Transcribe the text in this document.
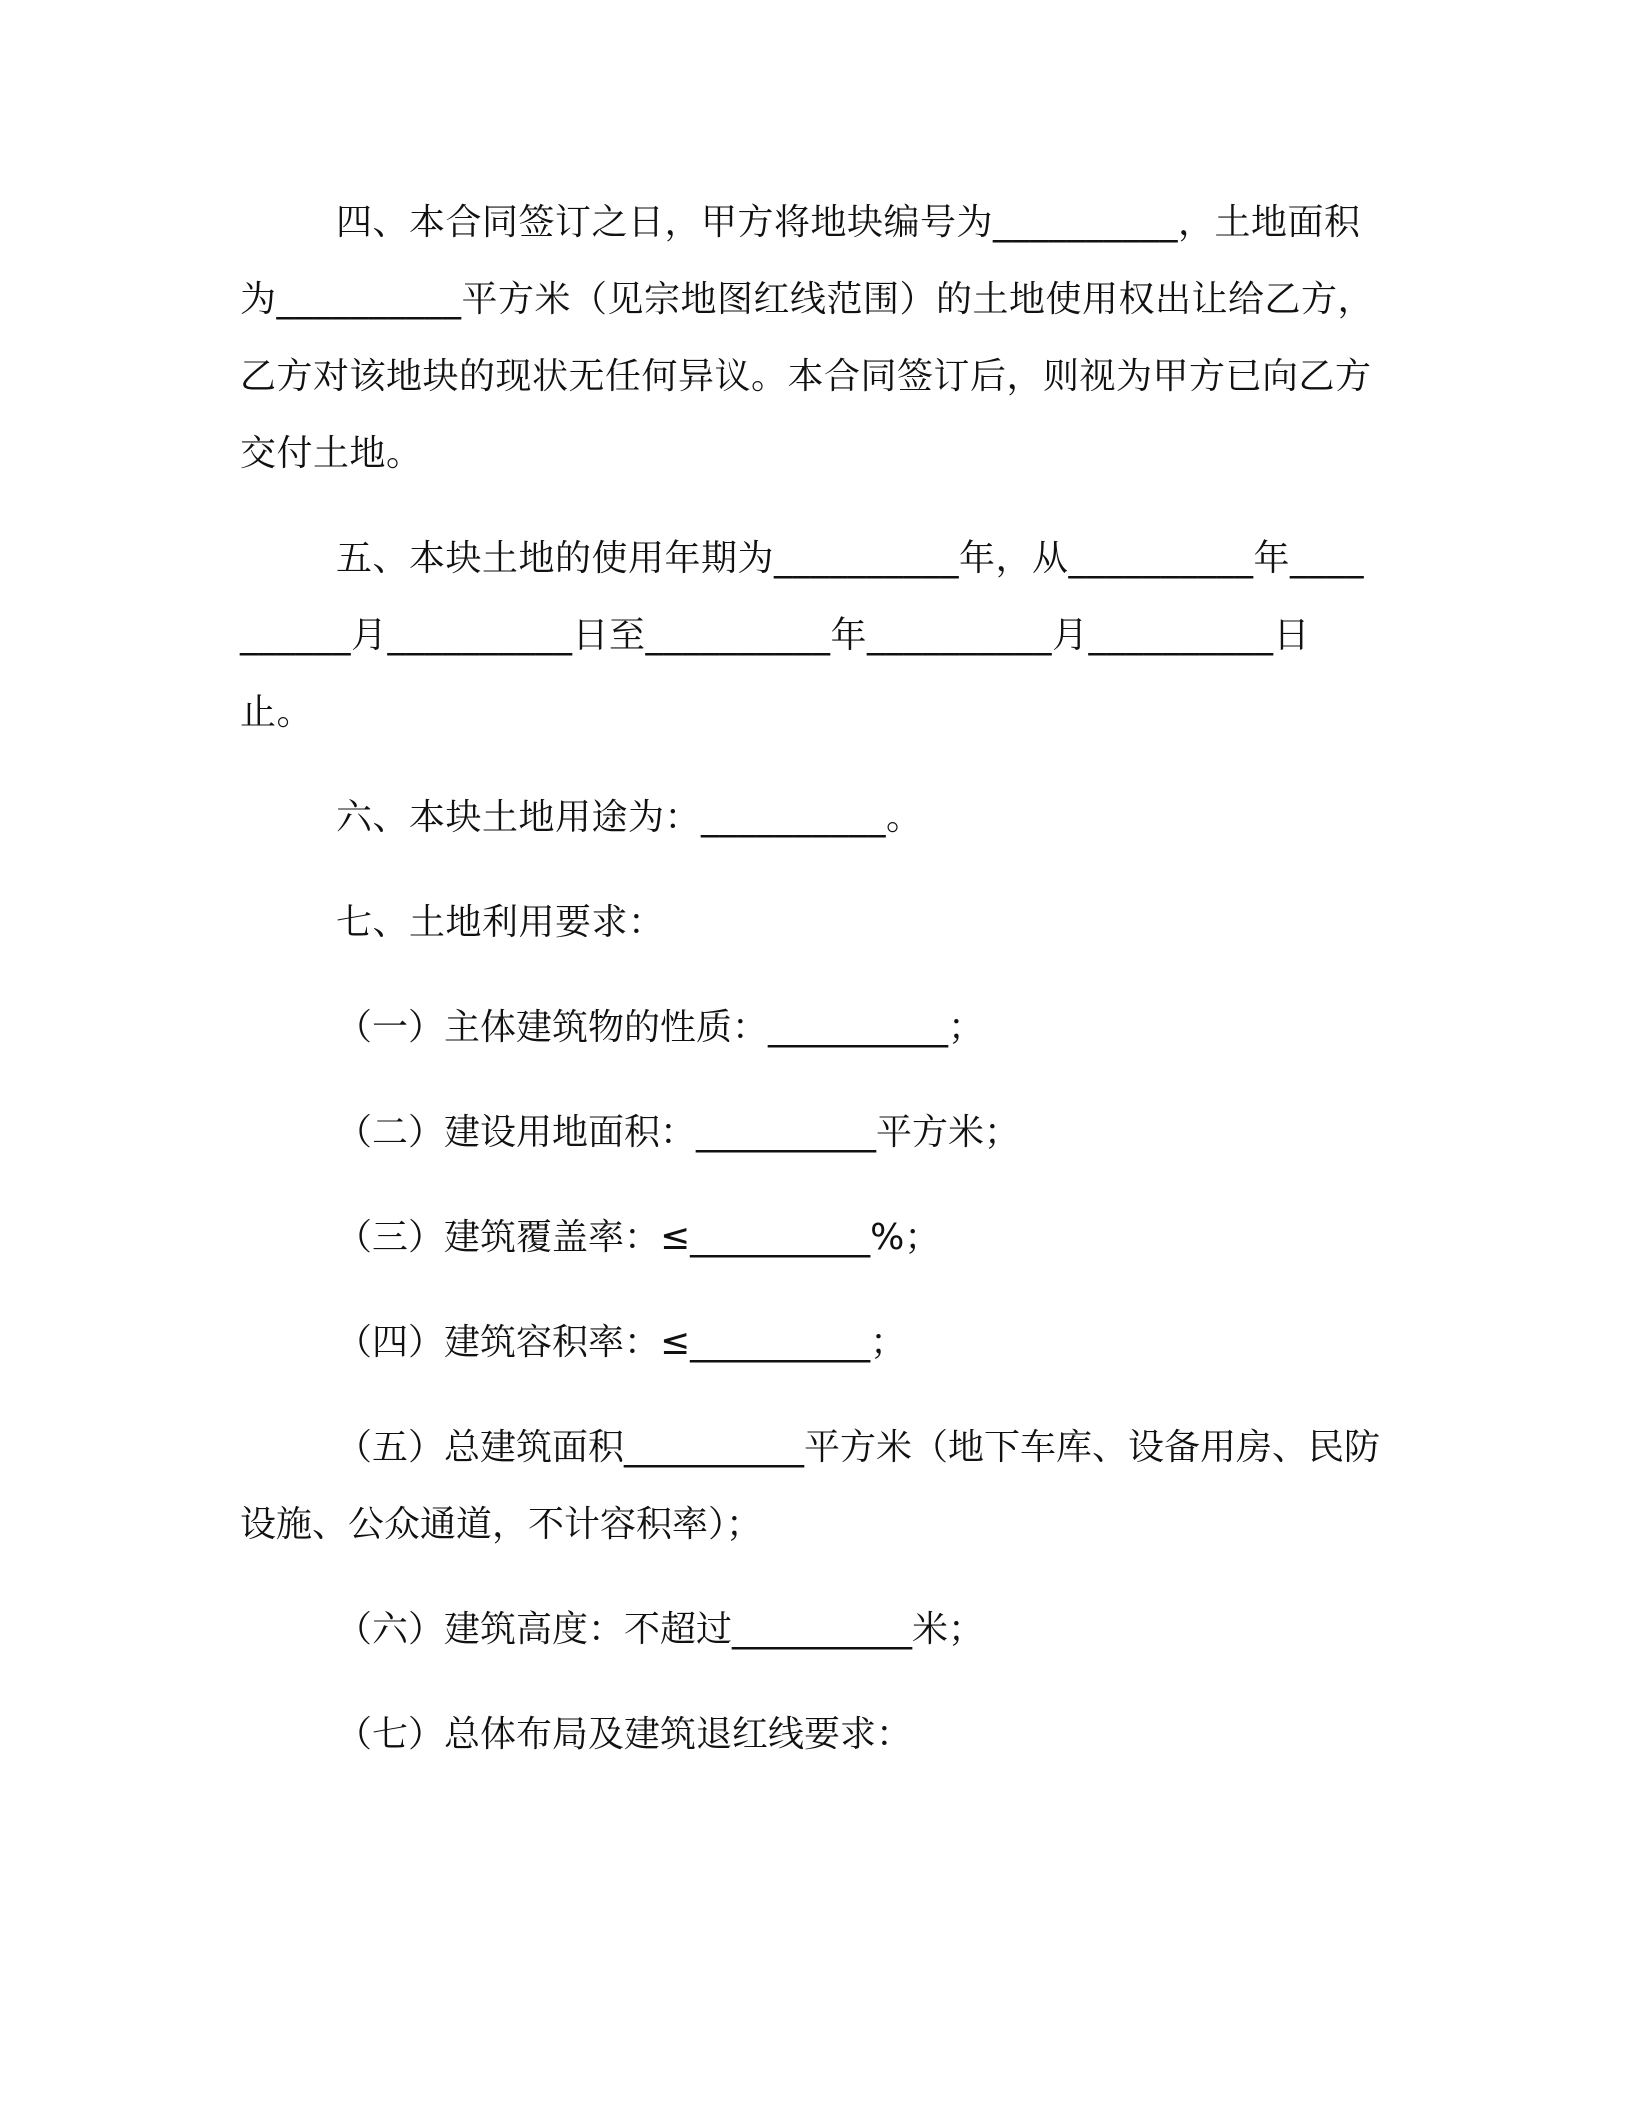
四、本合同签订之日，甲方将地块编号为__________，土地面积为__________平方米（见宗地图红线范围）的土地使用权出让给乙方，乙方对该地块的现状无任何异议。本合同签订后，则视为甲方已向乙方交付土地。

五、本块土地的使用年期为__________年，从__________年__________月__________日至__________年__________月__________日止。

六、本块土地用途为：__________。

七、土地利用要求：

（一）主体建筑物的性质：__________；

（二）建设用地面积：__________平方米；

（三）建筑覆盖率：≤__________%；

（四）建筑容积率：≤__________；

（五）总建筑面积__________平方米（地下车库、设备用房、民防设施、公众通道，不计容积率）；

（六）建筑高度：不超过__________米；

（七）总体布局及建筑退红线要求：
